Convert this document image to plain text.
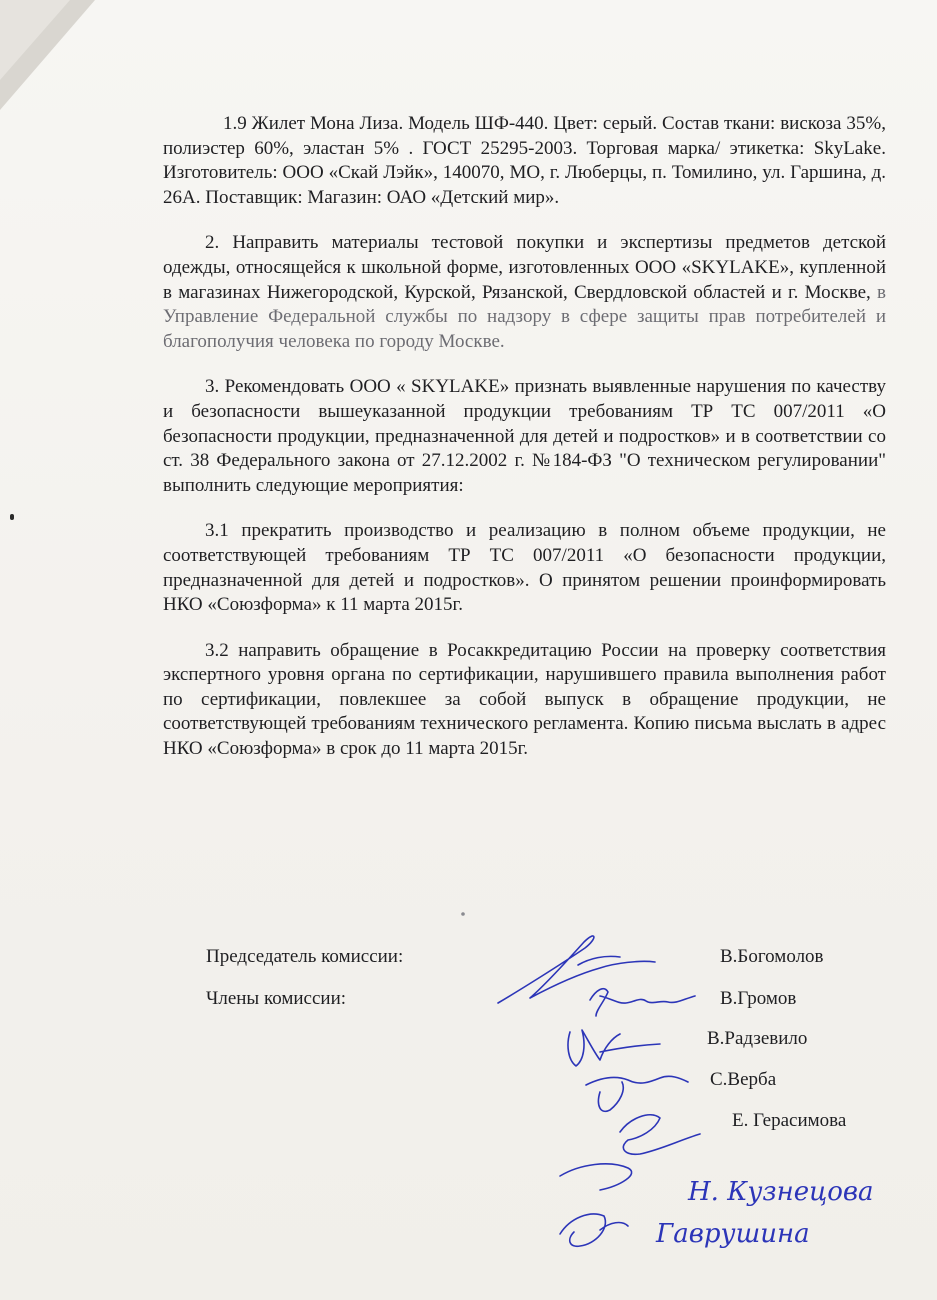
1.9 Жилет Мона Лиза. Модель ШФ-440. Цвет: серый. Состав ткани: вискоза 35%, полиэстер 60%, эластан 5% . ГОСТ 25295-2003. Торговая марка/ этикетка: SkyLake. Изготовитель: ООО «Скай Лэйк», 140070, МО, г. Люберцы, п. Томилино, ул. Гаршина, д. 26А. Поставщик: Магазин: ОАО «Детский мир».

2. Направить материалы тестовой покупки и экспертизы предметов детской одежды, относящейся к школьной форме, изготовленных ООО «SKYLAKE», купленной в магазинах Нижегородской, Курской, Рязанской, Свердловской областей и г. Москве, в Управление Федеральной службы по надзору в сфере защиты прав потребителей и благополучия человека по городу Москве.

3. Рекомендовать ООО « SKYLAKE» признать выявленные нарушения по качеству и безопасности вышеуказанной продукции требованиям ТР ТС 007/2011 «О безопасности продукции, предназначенной для детей и подростков» и в соответствии со ст. 38 Федерального закона от 27.12.2002 г. №184-ФЗ "О техническом регулировании" выполнить следующие мероприятия:

3.1 прекратить производство и реализацию в полном объеме продукции, не соответствующей требованиям ТР ТС 007/2011 «О безопасности продукции, предназначенной для детей и подростков». О принятом решении проинформировать НКО «Союзформа» к 11 марта 2015г.

3.2 направить обращение в Росаккредитацию России на проверку соответствия экспертного уровня органа по сертификации, нарушившего правила выполнения работ по сертификации, повлекшее за собой выпуск в обращение продукции, не соответствующей требованиям технического регламента. Копию письма выслать в адрес НКО «Союзформа» в срок до 11 марта 2015г.

Председатель комиссии:
Члены комиссии:
В.Богомолов
В.Громов
В.Радзевило
С.Верба
Е. Герасимова
Н. Кузнецова
Гаврушина
